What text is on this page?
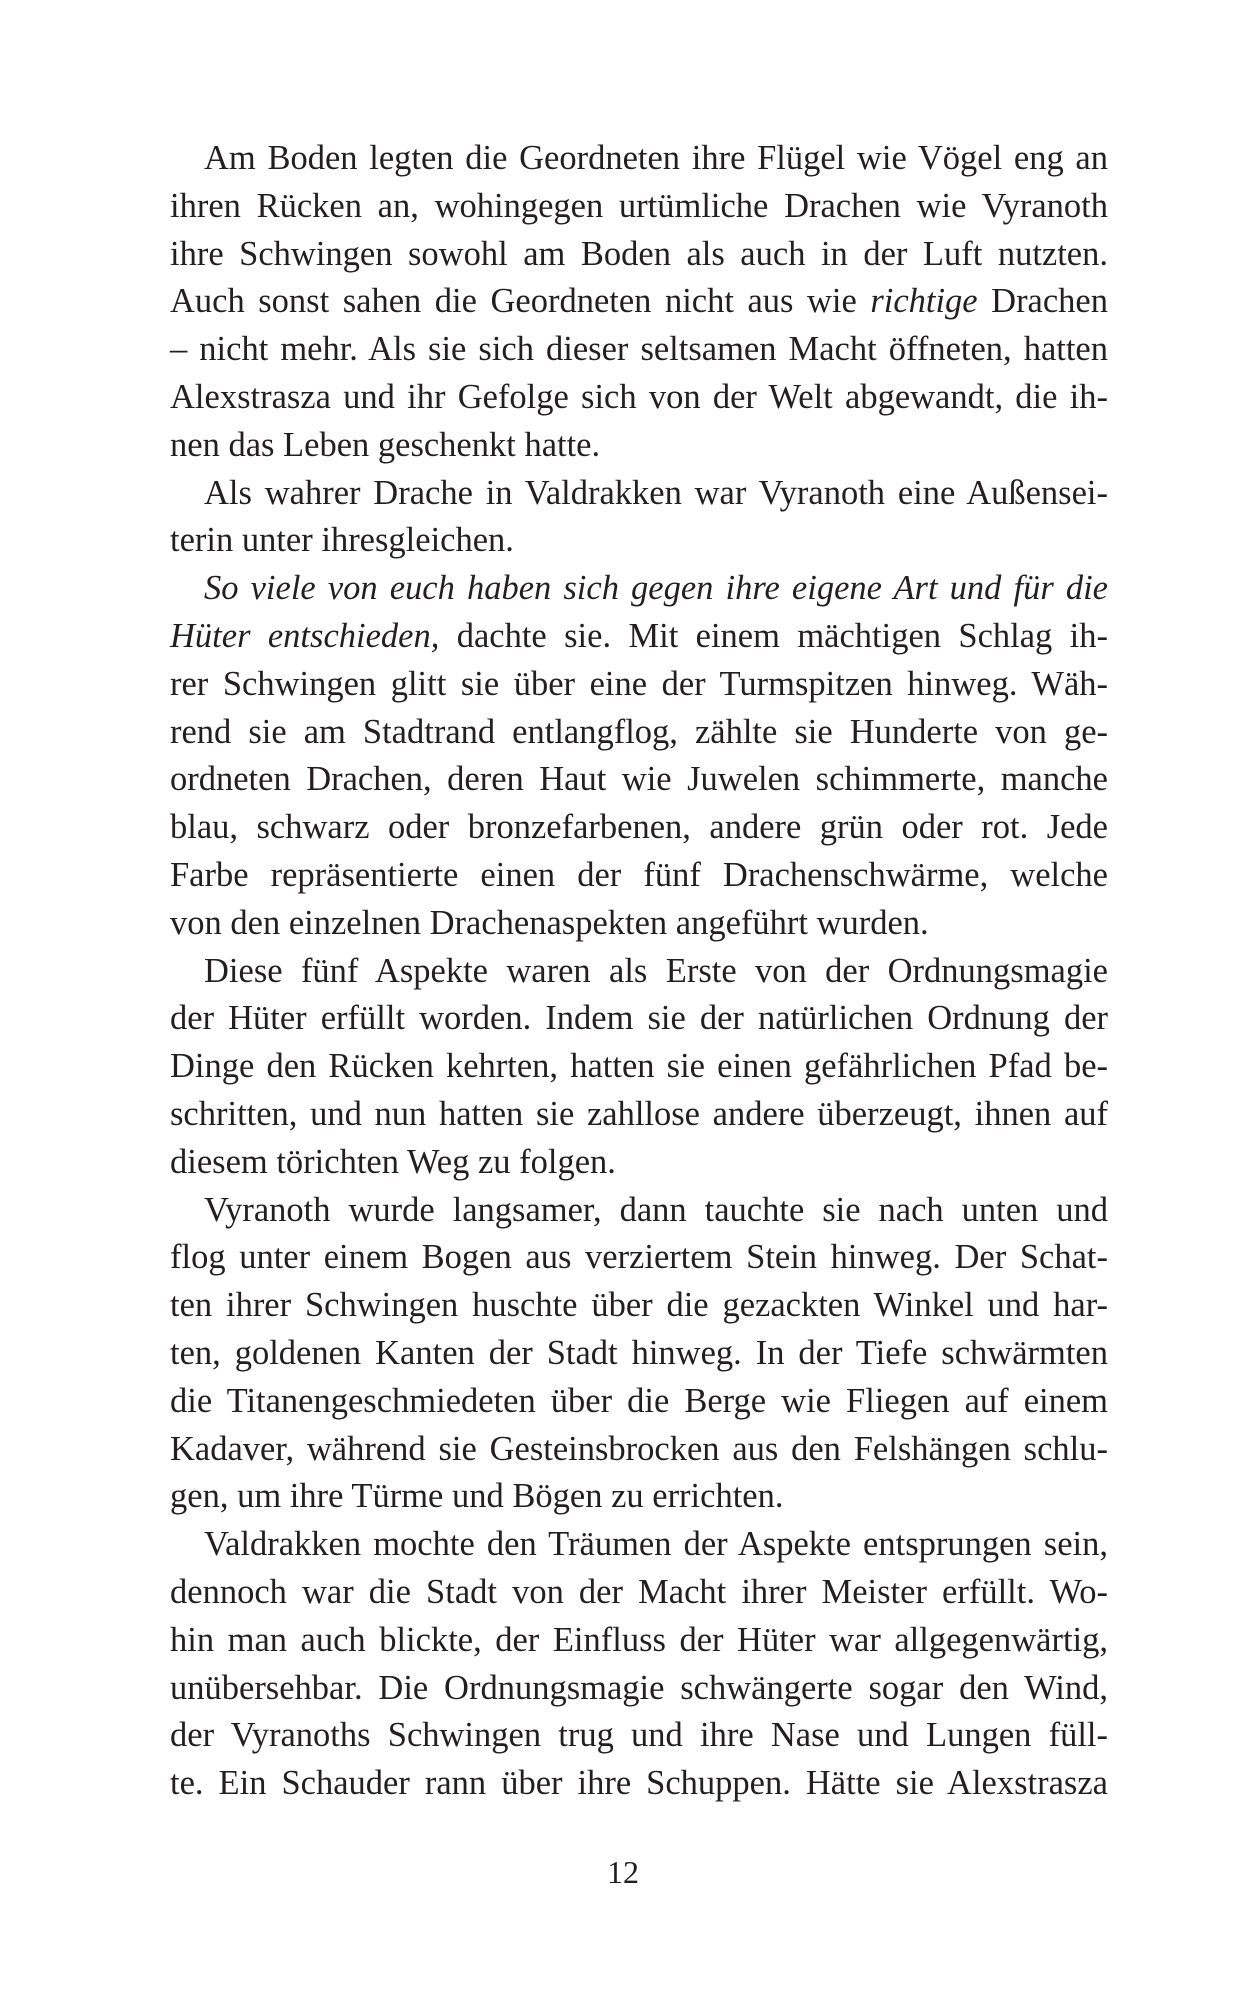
Am Boden legten die Geordneten ihre Flügel wie Vögel eng an
ihren Rücken an, wohingegen urtümliche Drachen wie Vyranoth
ihre Schwingen sowohl am Boden als auch in der Luft nutzten.
Auch sonst sahen die Geordneten nicht aus wie richtige Drachen
– nicht mehr. Als sie sich dieser seltsamen Macht öffneten, hatten
Alexstrasza und ihr Gefolge sich von der Welt abgewandt, die ih-
nen das Leben geschenkt hatte.
Als wahrer Drache in Valdrakken war Vyranoth eine Außensei-
terin unter ihresgleichen.
So viele von euch haben sich gegen ihre eigene Art und für die
Hüter entschieden, dachte sie. Mit einem mächtigen Schlag ih-
rer Schwingen glitt sie über eine der Turmspitzen hinweg. Wäh-
rend sie am Stadtrand entlangflog, zählte sie Hunderte von ge-
ordneten Drachen, deren Haut wie Juwelen schimmerte, manche
blau, schwarz oder bronzefarbenen, andere grün oder rot. Jede
Farbe repräsentierte einen der fünf Drachenschwärme, welche
von den einzelnen Drachenaspekten angeführt wurden.
Diese fünf Aspekte waren als Erste von der Ordnungsmagie
der Hüter erfüllt worden. Indem sie der natürlichen Ordnung der
Dinge den Rücken kehrten, hatten sie einen gefährlichen Pfad be-
schritten, und nun hatten sie zahllose andere überzeugt, ihnen auf
diesem törichten Weg zu folgen.
Vyranoth wurde langsamer, dann tauchte sie nach unten und
flog unter einem Bogen aus verziertem Stein hinweg. Der Schat-
ten ihrer Schwingen huschte über die gezackten Winkel und har-
ten, goldenen Kanten der Stadt hinweg. In der Tiefe schwärmten
die Titanengeschmiedeten über die Berge wie Fliegen auf einem
Kadaver, während sie Gesteinsbrocken aus den Felshängen schlu-
gen, um ihre Türme und Bögen zu errichten.
Valdrakken mochte den Träumen der Aspekte entsprungen sein,
dennoch war die Stadt von der Macht ihrer Meister erfüllt. Wo-
hin man auch blickte, der Einfluss der Hüter war allgegenwärtig,
unübersehbar. Die Ordnungsmagie schwängerte sogar den Wind,
der Vyranoths Schwingen trug und ihre Nase und Lungen füll-
te. Ein Schauder rann über ihre Schuppen. Hätte sie Alexstrasza
12
